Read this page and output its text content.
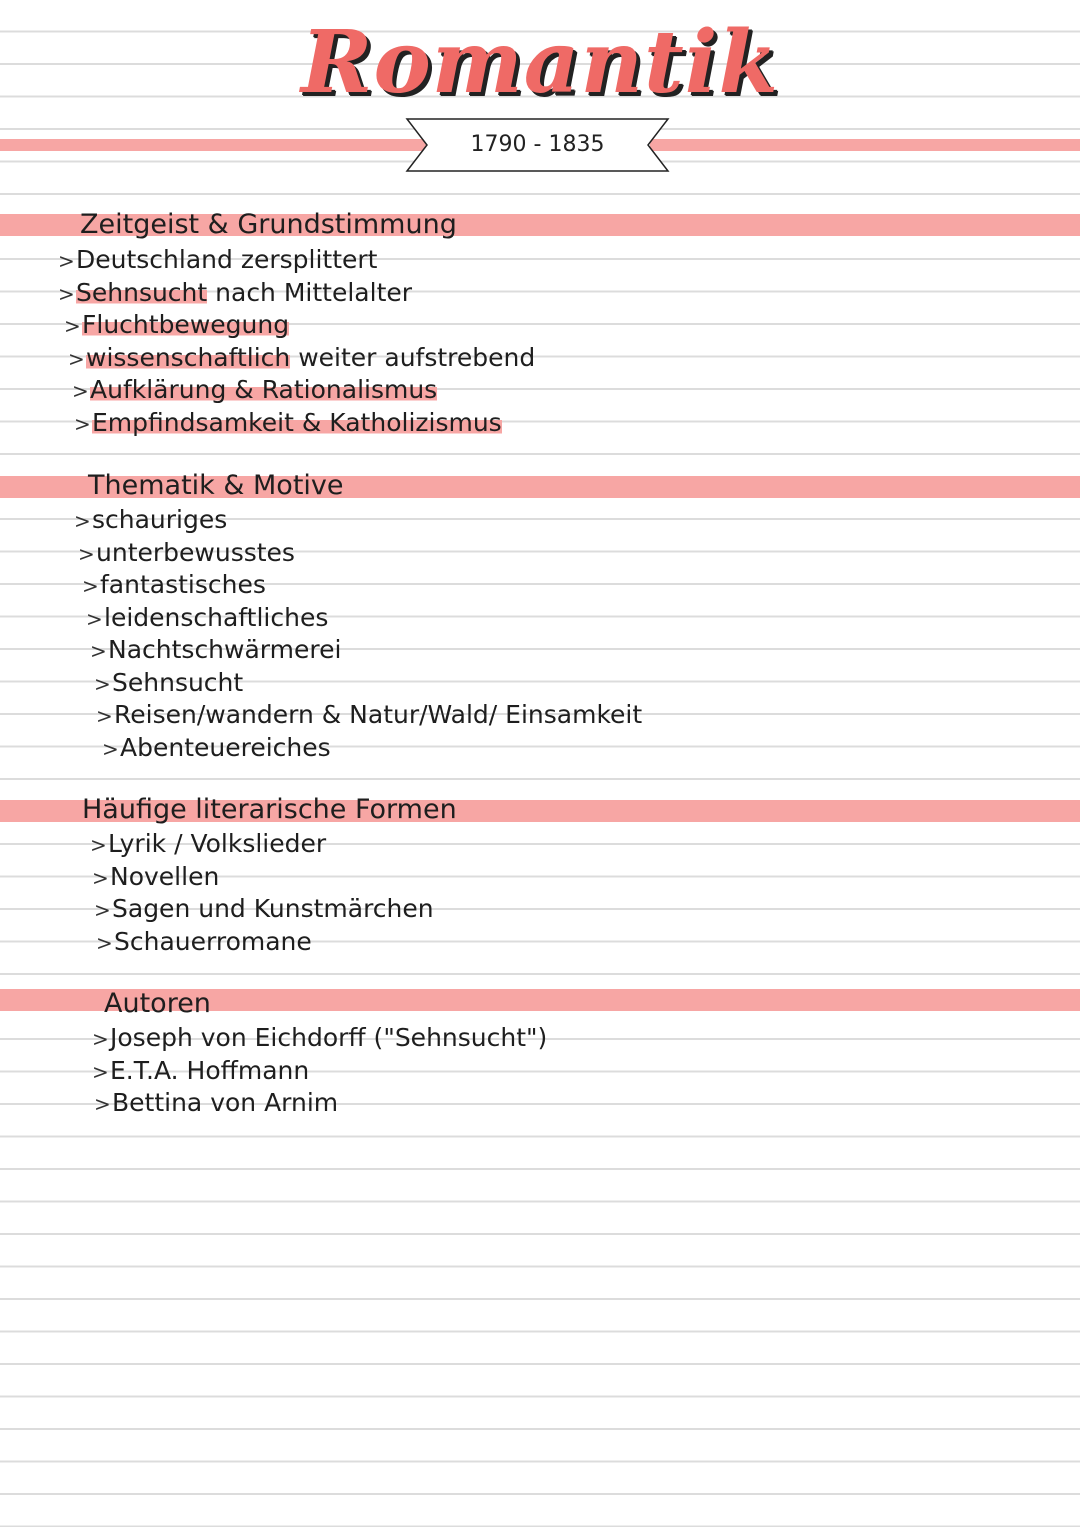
Romantik
1790 - 1835
Zeitgeist & Grundstimmung
>Deutschland zersplittert
>Sehnsucht nach Mittelalter
>Fluchtbewegung
>wissenschaftlich weiter aufstrebend
>Aufklärung & Rationalismus
>Empfindsamkeit & Katholizismus
Thematik & Motive
>schauriges
>unterbewusstes
>fantastisches
>leidenschaftliches
>Nachtschwärmerei
>Sehnsucht
>Reisen/wandern & Natur/Wald/ Einsamkeit
>Abenteuereiches
Häufige literarische Formen
>Lyrik / Volkslieder
>Novellen
>Sagen und Kunstmärchen
>Schauerromane
Autoren
>Joseph von Eichdorff ("Sehnsucht")
>E.T.A. Hoffmann
>Bettina von Arnim
